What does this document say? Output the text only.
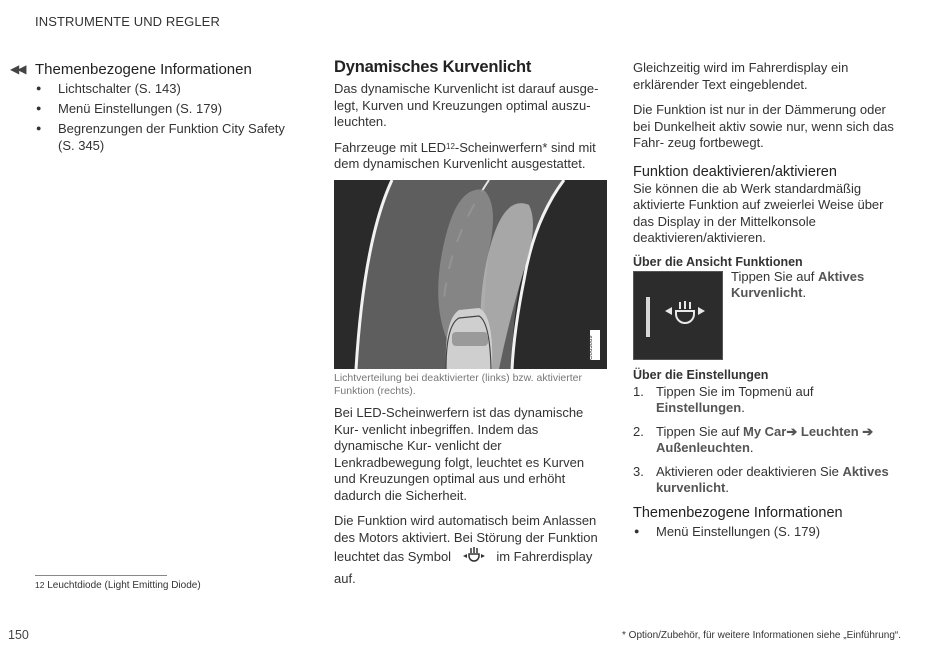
INSTRUMENTE UND REGLER
◀◀ Themenbezogene Informationen
● Lichtschalter (S. 143)
● Menü Einstellungen (S. 179)
● Begrenzungen der Funktion City Safety (S. 345)
Dynamisches Kurvenlicht

Das dynamische Kurvenlicht ist darauf ausge- legt, Kurven und Kreuzungen optimal auszu- leuchten.

Fahrzeuge mit LED$^{12}$-Scheinwerfern* sind mit dem dynamischen Kurvenlicht ausgestattet.

G063089
Lichtverteilung bei deaktivierter (links) bzw. aktivierter Funktion (rechts).

Bei LED-Scheinwerfern ist das dynamische Kur- venlicht inbegriffen. Indem das dynamische Kur- venlicht der Lenkradbewegung folgt, leuchtet es Kurven und Kreuzungen optimal aus und erhöht dadurch die Sicherheit.

Die Funktion wird automatisch beim Anlassen des Motors aktiviert. Bei Störung der Funktion leuchtet das Symbol	im Fahrerdisplay auf.

Gleichzeitig wird im Fahrerdisplay ein erklärender Text eingeblendet.

Die Funktion ist nur in der Dämmerung oder bei Dunkelheit aktiv sowie nur, wenn sich das Fahr- zeug fortbewegt.

Funktion deaktivieren/aktivieren

Sie können die ab Werk standardmäßig aktivierte Funktion auf zweierlei Weise über das Display in der Mittelkonsole deaktivieren/aktivieren.

Über die Ansicht Funktionen

Tippen Sie auf Aktives Kurvenlicht.

Über die Einstellungen
1. Tippen Sie im Topmenü auf Einstellungen.
2. Tippen Sie auf My Car➔ Leuchten ➔ Außenleuchten.
3. Aktivieren oder deaktivieren Sie Aktives kurvenlicht.
Themenbezogene Informationen
● Menü Einstellungen (S. 179)
$^{12}$ Leuchtdiode (Light Emitting Diode)
150	* Option/Zubehör, für weitere Informationen siehe „Einführung“.
